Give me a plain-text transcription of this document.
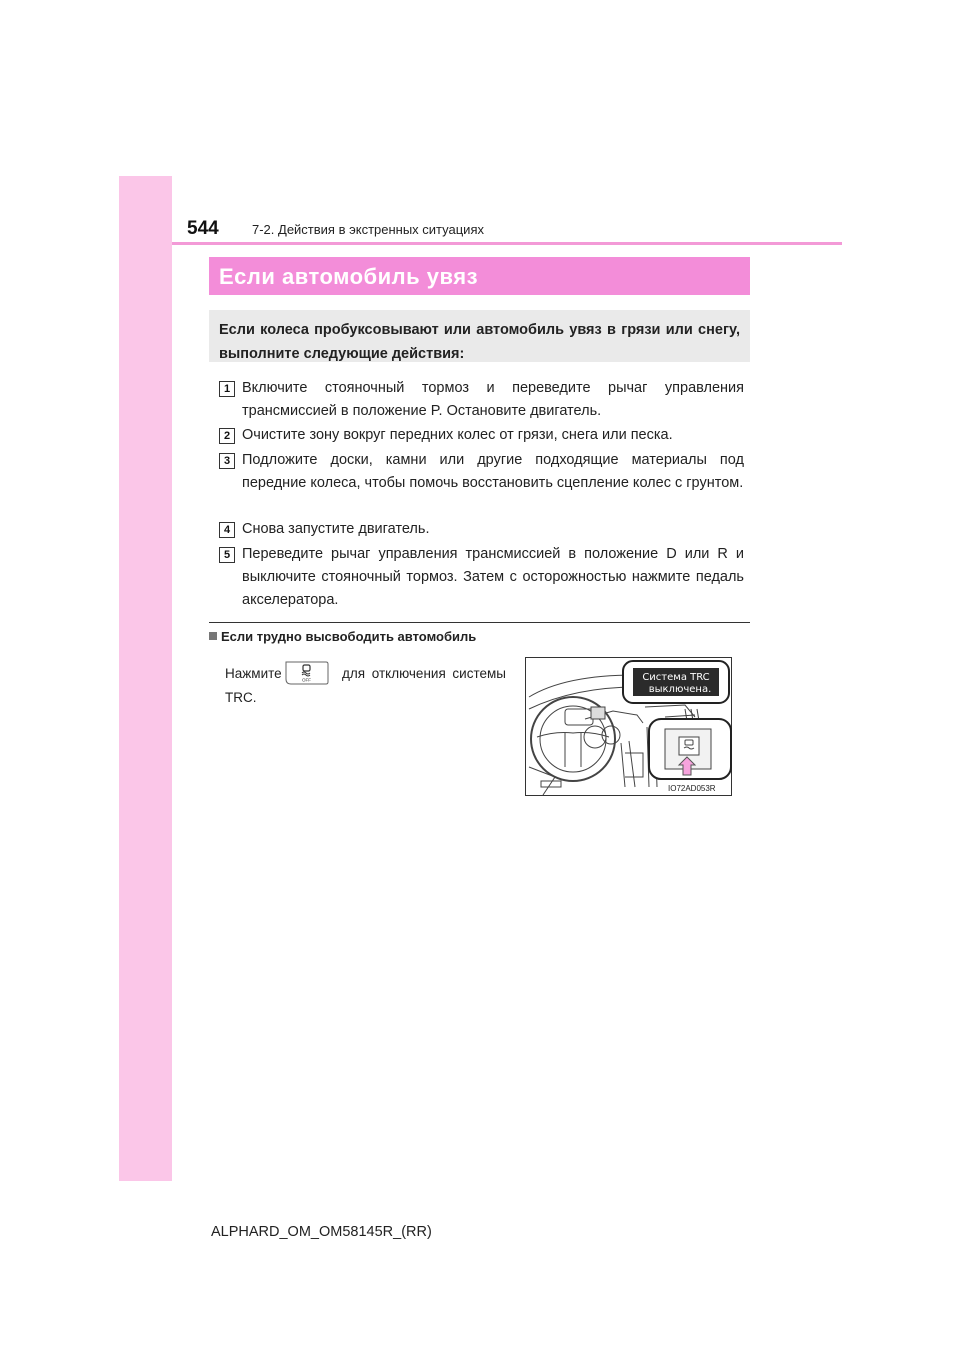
544	7-2. Действия в экстренных ситуациях
Если автомобиль увяз
Если колеса пробуксовывают или автомобиль увяз в грязи или снегу, выполните следующие действия:
1 Включите стояночный тормоз и переведите рычаг управления трансмиссией в положение P. Остановите двигатель.
2 Очистите зону вокруг передних колес от грязи, снега или песка.
3 Подложите доски, камни или другие подходящие материалы под передние колеса, чтобы помочь восстановить сцепление колес с грунтом.
4 Снова запустите двигатель.
5 Переведите рычаг управления трансмиссией в положение D или R и выключите стояночный тормоз. Затем с осторожностью нажмите педаль акселератора.
Если трудно высвободить автомобиль
Нажмите	для отключения системы
OFF
TRC.
Система TRC
выключена.
IO72AD053R
ALPHARD_OM_OM58145R_(RR)
